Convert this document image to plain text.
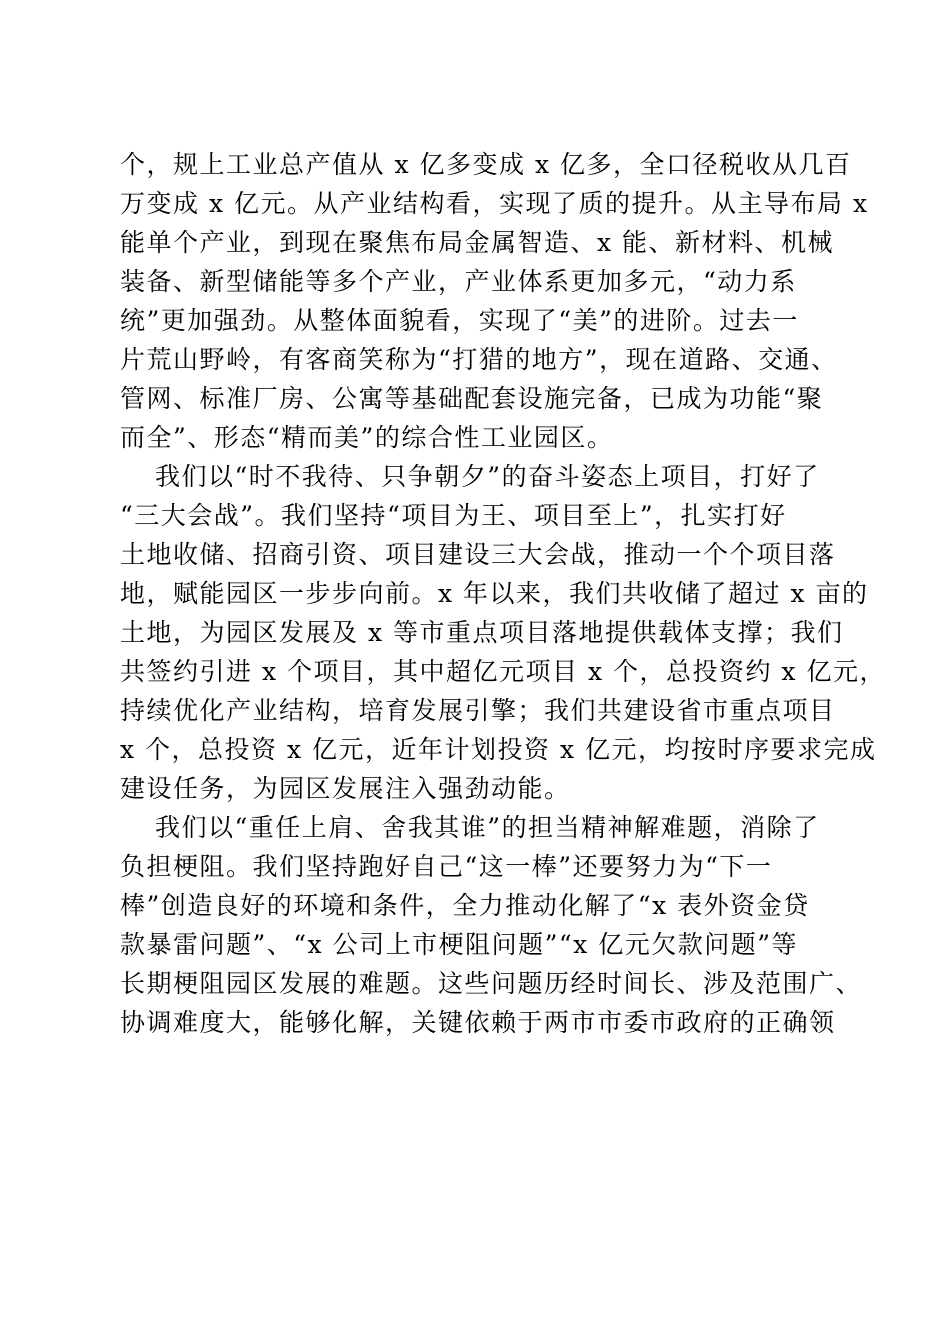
个，规上工业总产值从 x 亿多变成 x 亿多，全口径税收从几百
万变成 x 亿元。从产业结构看，实现了质的提升。从主导布局 x
能单个产业，到现在聚焦布局金属智造、x 能、新材料、机械
装备、新型储能等多个产业，产业体系更加多元，“动力系
统”更加强劲。从整体面貌看，实现了“美”的进阶。过去一
片荒山野岭，有客商笑称为“打猎的地方”，现在道路、交通、
管网、标准厂房、公寓等基础配套设施完备，已成为功能“聚
而全”、形态“精而美”的综合性工业园区。
我们以“时不我待、只争朝夕”的奋斗姿态上项目，打好了
“三大会战”。我们坚持“项目为王、项目至上”，扎实打好
土地收储、招商引资、项目建设三大会战，推动一个个项目落
地，赋能园区一步步向前。x 年以来，我们共收储了超过 x 亩的
土地，为园区发展及 x 等市重点项目落地提供载体支撑；我们
共签约引进 x 个项目，其中超亿元项目 x 个，总投资约 x 亿元，
持续优化产业结构，培育发展引擎；我们共建设省市重点项目
x 个，总投资 x 亿元，近年计划投资 x 亿元，均按时序要求完成
建设任务，为园区发展注入强劲动能。
我们以“重任上肩、舍我其谁”的担当精神解难题，消除了
负担梗阻。我们坚持跑好自己“这一棒”还要努力为“下一
棒”创造良好的环境和条件，全力推动化解了“x 表外资金贷
款暴雷问题”、“x 公司上市梗阻问题”“x 亿元欠款问题”等
长期梗阻园区发展的难题。这些问题历经时间长、涉及范围广、
协调难度大，能够化解，关键依赖于两市市委市政府的正确领
